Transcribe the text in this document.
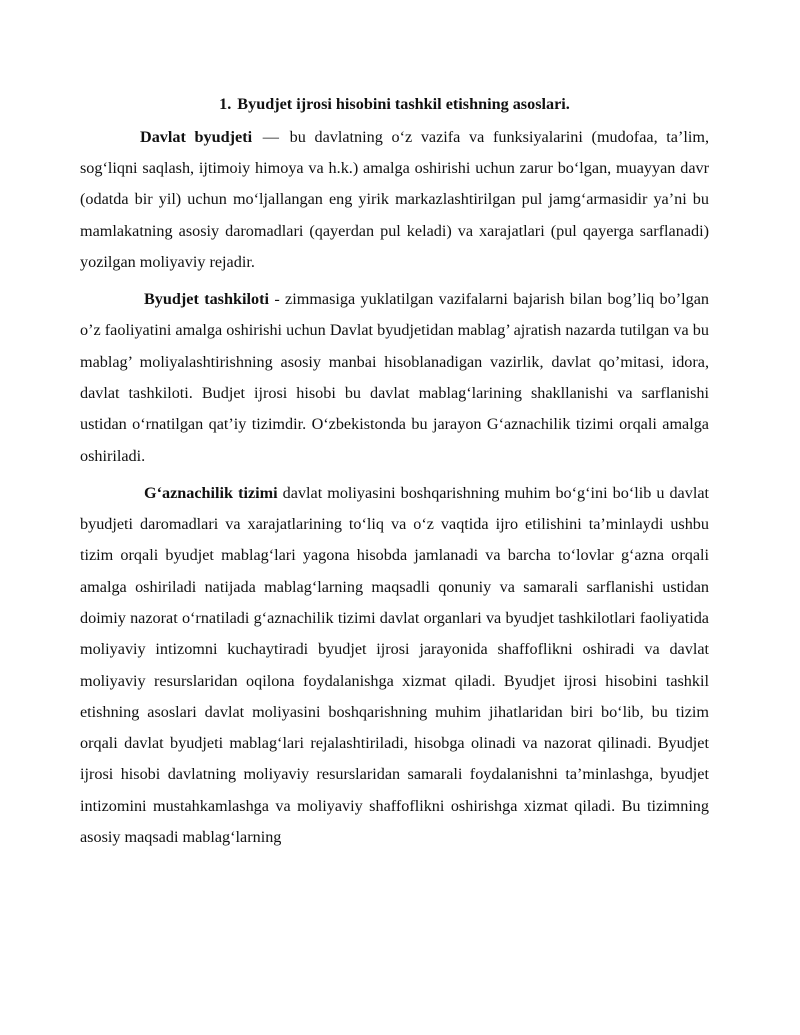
1. Byudjet ijrosi hisobini tashkil etishning asoslari.

Davlat byudjeti — bu davlatning o‘z vazifa va funksiyalarini (mudofaa, ta’lim, sog‘liqni saqlash, ijtimoiy himoya va h.k.) amalga oshirishi uchun zarur bo‘lgan, muayyan davr (odatda bir yil) uchun mo‘ljallangan eng yirik markazlashtirilgan pul jamg‘armasidir ya’ni bu mamlakatning asosiy daromadlari (qayerdan pul keladi) va xarajatlari (pul qayerga sarflanadi) yozilgan moliyaviy rejadir.

Byudjet tashkiloti - zimmasiga yuklatilgan vazifalarni bajarish bilan bog’liq bo’lgan o’z faoliyatini amalga oshirishi uchun Davlat byudjetidan mablag’ ajratish nazarda tutilgan va bu mablag’ moliyalashtirishning asosiy manbai hisoblanadigan vazirlik, davlat qo’mitasi, idora, davlat tashkiloti. Budjet ijrosi hisobi bu davlat mablag‘larining shakllanishi va sarflanishi ustidan o‘rnatilgan qat’iy tizimdir. O‘zbekistonda bu jarayon G‘aznachilik tizimi orqali amalga oshiriladi.

G‘aznachilik tizimi davlat moliyasini boshqarishning muhim bo‘g‘ini bo‘lib u davlat byudjeti daromadlari va xarajatlarining to‘liq va o‘z vaqtida ijro etilishini ta’minlaydi ushbu tizim orqali byudjet mablag‘lari yagona hisobda jamlanadi va barcha to‘lovlar g‘azna orqali amalga oshiriladi natijada mablag‘larning maqsadli qonuniy va samarali sarflanishi ustidan doimiy nazorat o‘rnatiladi g‘aznachilik tizimi davlat organlari va byudjet tashkilotlari faoliyatida moliyaviy intizomni kuchaytiradi byudjet ijrosi jarayonida shaffoflikni oshiradi va davlat moliyaviy resurslaridan oqilona foydalanishga xizmat qiladi. Byudjet ijrosi hisobini tashkil etishning asoslari davlat moliyasini boshqarishning muhim jihatlaridan biri bo‘lib, bu tizim orqali davlat byudjeti mablag‘lari rejalashtiriladi, hisobga olinadi va nazorat qilinadi. Byudjet ijrosi hisobi davlatning moliyaviy resurslaridan samarali foydalanishni ta’minlashga, byudjet intizomini mustahkamlashga va moliyaviy shaffoflikni oshirishga xizmat qiladi. Bu tizimning asosiy maqsadi mablag‘larning
